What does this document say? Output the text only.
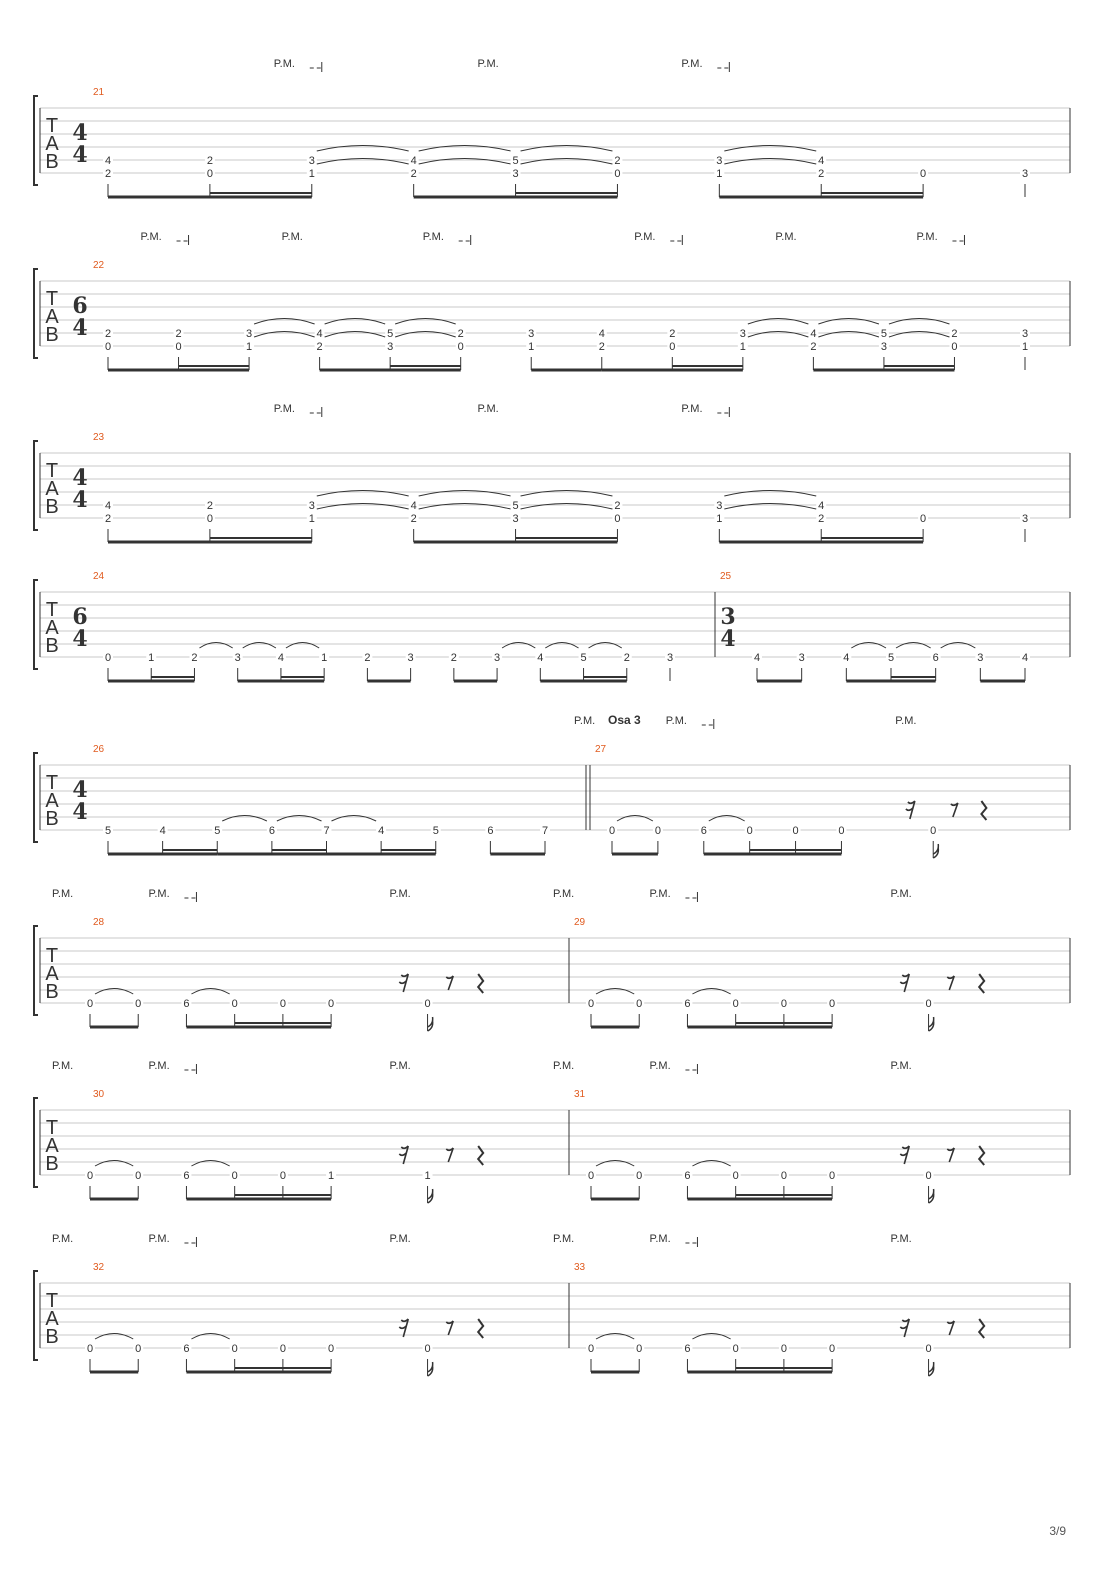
T
A
B
4
4
21
4
2
2
0
3
1
4
2
5
3
2
0
3
1
4
2	0	3
P.M.	P.M.	P.M.
T
A
B
6
4
22
2
0
2
0
3
1
4
2
5
3
2
0
3
1
4
2
2
0
3
1
4
2
5
3
2
0
3
1
P.M.	P.M.	P.M.	P.M.	P.M.	P.M.
T
A
B
4
4
23
4
2
2
0
3
1
4
2
5
3
2
0
3
1
4
2	0	3
P.M.	P.M.	P.M.
T
A
B
6
4
24
0	1	2	3	4	1	2	3	2	3	4	5	2	3
25
3
4
4	3	4	5	6	3	4
T
A
B
4
4
26
5	4	5	6	7	4	5	6	7
27
Osa 3
0	0	6	0	0	0	0
P.M.	P.M.	P.M.
T
A
B
28
0	0	6	0	0	0	0
P.M.	P.M.	P.M.
29
0	0	6	0	0	0	0
P.M.	P.M.	P.M.
T
A
B
30
0	0	6	0	0	1	1
P.M.	P.M.	P.M.
31
0	0	6	0	0	0	0
P.M.	P.M.	P.M.
T
A
B
32
0	0	6	0	0	0	0
P.M.	P.M.	P.M.
33
0	0	6	0	0	0	0
P.M.	P.M.	P.M.
3/9
